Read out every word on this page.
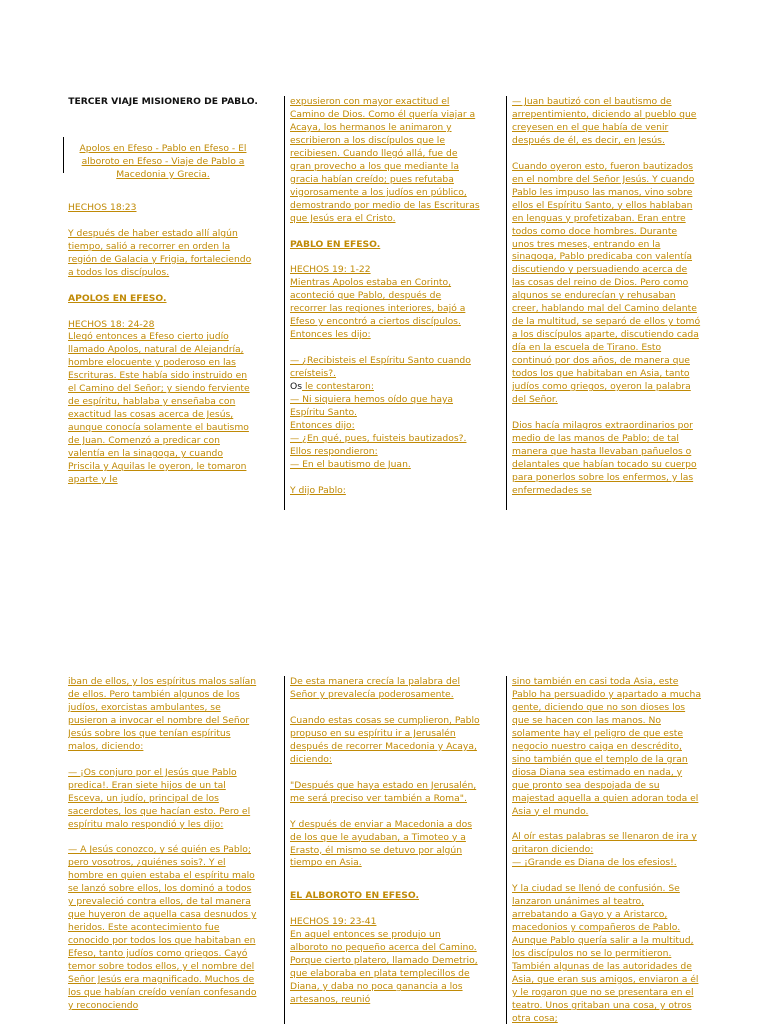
TERCER VIAJE MISIONERO DE PABLO.
Apolos en Efeso - Pablo en Efeso - El alboroto en Efeso - Viaje de Pablo a Macedonia y Grecia.
HECHOS 18:23
Y después de haber estado allí algún tiempo, salió a recorrer en orden la región de Galacia y Frigia, fortaleciendo a todos los discípulos.
APOLOS EN EFESO.
HECHOS 18: 24-28
Llegó entonces a Efeso cierto judío llamado Apolos, natural de Alejandría, hombre elocuente y poderoso en las Escrituras. Este había sido instruido en el Camino del Señor; y siendo ferviente de espíritu, hablaba y enseñaba con exactitud las cosas acerca de Jesús, aunque conocía solamente el bautismo de Juan. Comenzó a predicar con valentía en la sinagoga, y cuando Priscila y Aquilas le oyeron, le tomaron aparte y le
expusieron con mayor exactitud el Camino de Dios. Como él quería viajar a Acaya, los hermanos le animaron y escribieron a los discípulos que le recibiesen. Cuando llegó allá, fue de gran provecho a los que mediante la gracia habían creído; pues refutaba vigorosamente a los judíos en público, demostrando por medio de las Escrituras que Jesús era el Cristo.
PABLO EN EFESO.
HECHOS 19: 1-22
Mientras Apolos estaba en Corinto, aconteció que Pablo, después de recorrer las regiones interiores, bajó a Efeso y encontró a ciertos discípulos. Entonces les dijo:
— ¿Recibisteis el Espíritu Santo cuando creísteis?.
Os le contestaron:
— Ni siquiera hemos oído que haya Espíritu Santo.
Entonces dijo:
— ¿En qué, pues, fuisteis bautizados?.
Ellos respondieron:
— En el bautismo de Juan.
Y dijo Pablo:
— Juan bautizó con el bautismo de arrepentimiento, diciendo al pueblo que creyesen en el que había de venir después de él, es decir, en Jesús.
Cuando oyeron esto, fueron bautizados en el nombre del Señor Jesús. Y cuando Pablo les impuso las manos, vino sobre ellos el Espíritu Santo, y ellos hablaban en lenguas y profetizaban. Eran entre todos como doce hombres. Durante unos tres meses, entrando en la sinagoga, Pablo predicaba con valentía discutiendo y persuadiendo acerca de las cosas del reino de Dios. Pero como algunos se endurecían y rehusaban creer, hablando mal del Camino delante de la multitud, se separó de ellos y tomó a los discípulos aparte, discutiendo cada día en la escuela de Tirano. Esto continuó por dos años, de manera que todos los que habitaban en Asia, tanto judíos como griegos, oyeron la palabra del Señor.
Dios hacía milagros extraordinarios por medio de las manos de Pablo; de tal manera que hasta llevaban pañuelos o delantales que habían tocado su cuerpo para ponerlos sobre los enfermos, y las enfermedades se
iban de ellos, y los espíritus malos salían de ellos. Pero también algunos de los judíos, exorcistas ambulantes, se pusieron a invocar el nombre del Señor Jesús sobre los que tenían espíritus malos, diciendo:
— ¡Os conjuro por el Jesús que Pablo predica!. Eran siete hijos de un tal Esceva, un judío, principal de los sacerdotes, los que hacían esto. Pero el espíritu malo respondió y les dijo:
— A Jesús conozco, y sé quién es Pablo; pero vosotros, ¿quiénes sois?. Y el hombre en quien estaba el espíritu malo se lanzó sobre ellos, los dominó a todos y prevaleció contra ellos, de tal manera que huyeron de aquella casa desnudos y heridos. Este acontecimiento fue conocido por todos los que habitaban en Efeso, tanto judíos como griegos. Cayó temor sobre todos ellos, y el nombre del Señor Jesús era magnificado. Muchos de los que habían creído venían confesando y reconociendo
De esta manera crecía la palabra del Señor y prevalecía poderosamente.
Cuando estas cosas se cumplieron, Pablo propuso en su espíritu ir a Jerusalén después de recorrer Macedonia y Acaya, diciendo:
"Después que haya estado en Jerusalén, me será preciso ver también a Roma".
Y después de enviar a Macedonia a dos de los que le ayudaban, a Timoteo y a Erasto, él mismo se detuvo por algún tiempo en Asia.
EL ALBOROTO EN EFESO.
HECHOS 19: 23-41
En aquel entonces se produjo un alboroto no pequeño acerca del Camino. Porque cierto platero, llamado Demetrio, que elaboraba en plata templecillos de Diana, y daba no poca ganancia a los artesanos, reunió
sino también en casi toda Asia, este Pablo ha persuadido y apartado a mucha gente, diciendo que no son dioses los que se hacen con las manos. No solamente hay el peligro de que este negocio nuestro caiga en descrédito, sino también que el templo de la gran diosa Diana sea estimado en nada, y que pronto sea despojada de su majestad aquella a quien adoran toda el Asia y el mundo.
Al oír estas palabras se llenaron de ira y gritaron diciendo:
— ¡Grande es Diana de los efesios!.
Y la ciudad se llenó de confusión. Se lanzaron unánimes al teatro, arrebatando a Gayo y a Aristarco, macedonios y compañeros de Pablo. Aunque Pablo quería salir a la multitud, los discípulos no se lo permitieron. También algunas de las autoridades de Asia, que eran sus amigos, enviaron a él y le rogaron que no se presentara en el teatro. Unos gritaban una cosa, y otros otra cosa;
